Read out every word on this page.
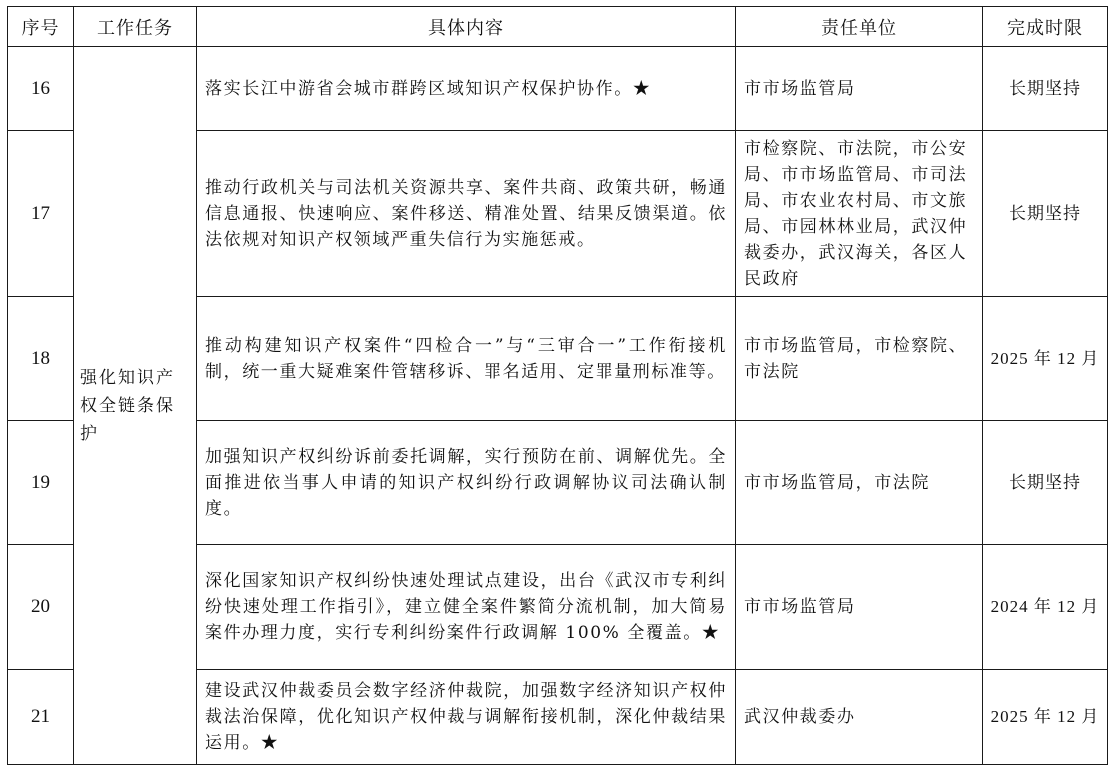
序号	工作任务	具体内容	责任单位	完成时限
16	强化知识产权全链条保护	落实长江中游省会城市群跨区域知识产权保护协作。★	市市场监管局	长期坚持
17		推动行政机关与司法机关资源共享、案件共商、政策共研，畅通信息通报、快速响应、案件移送、精准处置、结果反馈渠道。依法依规对知识产权领域严重失信行为实施惩戒。	市检察院、市法院，市公安局、市市场监管局、市司法局、市农业农村局、市文旅局、市园林林业局，武汉仲裁委办，武汉海关，各区人民政府	长期坚持
18		推动构建知识产权案件“四检合一”与“三审合一”工作衔接机制，统一重大疑难案件管辖移诉、罪名适用、定罪量刑标准等。	市市场监管局，市检察院、市法院	2025 年 12 月
19		加强知识产权纠纷诉前委托调解，实行预防在前、调解优先。全面推进依当事人申请的知识产权纠纷行政调解协议司法确认制度。	市市场监管局，市法院	长期坚持
20		深化国家知识产权纠纷快速处理试点建设，出台《武汉市专利纠纷快速处理工作指引》，建立健全案件繁简分流机制，加大简易案件办理力度，实行专利纠纷案件行政调解 100% 全覆盖。★	市市场监管局	2024 年 12 月
21		建设武汉仲裁委员会数字经济仲裁院，加强数字经济知识产权仲裁法治保障，优化知识产权仲裁与调解衔接机制，深化仲裁结果运用。★	武汉仲裁委办	2025 年 12 月
